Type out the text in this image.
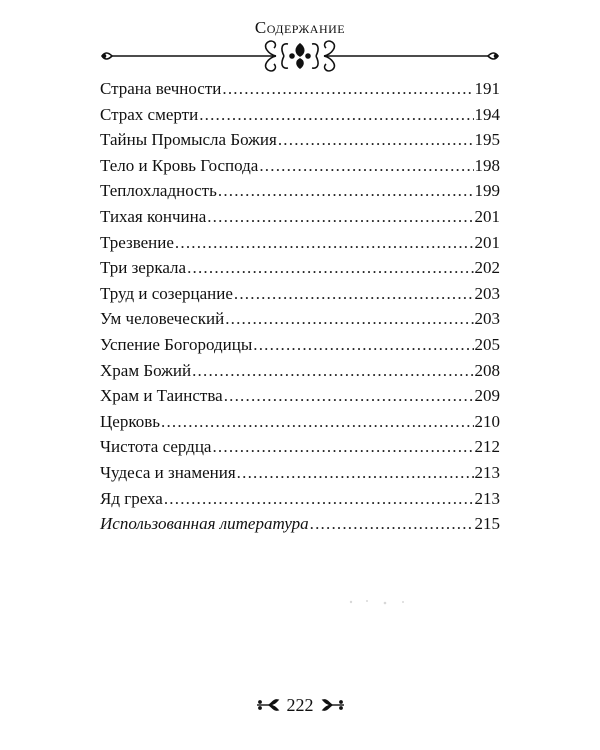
Содержание
Страна вечности .....	191
Страх смерти .....	194
Тайны Промысла Божия .....	195
Тело и Кровь Господа .....	198
Теплохладность .....	199
Тихая кончина .....	201
Трезвение .....	201
Три зеркала .....	202
Труд и созерцание .....	203
Ум человеческий .....	203
Успение Богородицы .....	205
Храм Божий .....	208
Храм и Таинства .....	209
Церковь .....	210
Чистота сердца .....	212
Чудеса и знамения .....	213
Яд греха .....	213
Использованная литература .....	215
222
